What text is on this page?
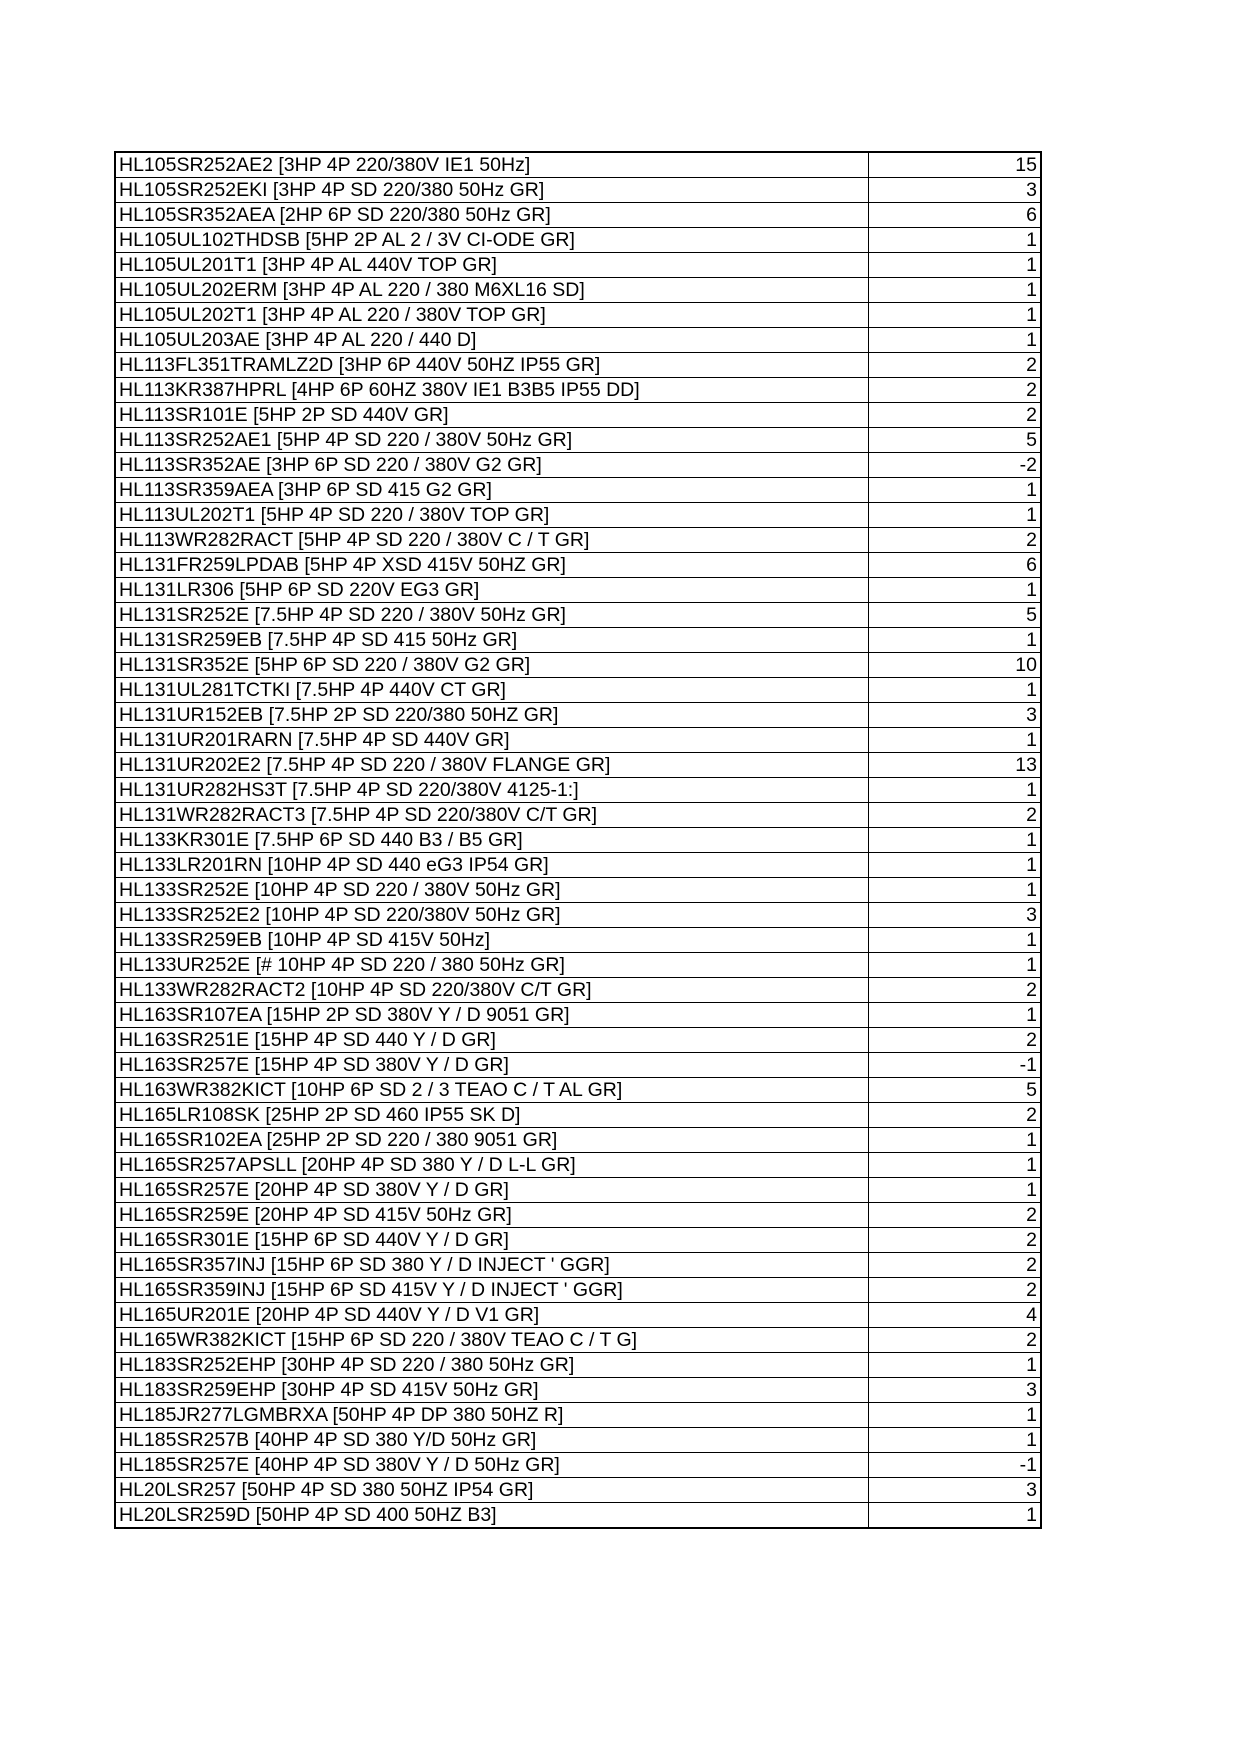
HL105SR252AE2 [3HP 4P 220/380V IE1 50Hz]	15
HL105SR252EKI [3HP 4P SD 220/380 50Hz GR]	3
HL105SR352AEA [2HP 6P SD 220/380 50Hz GR]	6
HL105UL102THDSB [5HP 2P AL 2 / 3V CI-ODE GR]	1
HL105UL201T1 [3HP 4P AL 440V TOP GR]	1
HL105UL202ERM [3HP 4P AL 220 / 380 M6XL16 SD]	1
HL105UL202T1 [3HP 4P AL 220 / 380V TOP GR]	1
HL105UL203AE [3HP 4P AL 220 / 440 D]	1
HL113FL351TRAMLZ2D [3HP 6P 440V 50HZ IP55 GR]	2
HL113KR387HPRL [4HP 6P 60HZ 380V IE1 B3B5 IP55 DD]	2
HL113SR101E [5HP 2P SD 440V GR]	2
HL113SR252AE1 [5HP 4P SD 220 / 380V 50Hz GR]	5
HL113SR352AE [3HP 6P SD 220 / 380V G2 GR]	-2
HL113SR359AEA [3HP 6P SD 415 G2 GR]	1
HL113UL202T1 [5HP 4P SD 220 / 380V TOP GR]	1
HL113WR282RACT [5HP 4P SD 220 / 380V C / T GR]	2
HL131FR259LPDAB [5HP 4P XSD 415V 50HZ GR]	6
HL131LR306 [5HP 6P SD 220V EG3 GR]	1
HL131SR252E [7.5HP 4P SD 220 / 380V 50Hz GR]	5
HL131SR259EB [7.5HP 4P SD 415 50Hz GR]	1
HL131SR352E [5HP 6P SD 220 / 380V G2 GR]	10
HL131UL281TCTKI [7.5HP 4P 440V CT GR]	1
HL131UR152EB [7.5HP 2P SD 220/380 50HZ GR]	3
HL131UR201RARN [7.5HP 4P SD 440V GR]	1
HL131UR202E2 [7.5HP 4P SD 220 / 380V FLANGE GR]	13
HL131UR282HS3T [7.5HP 4P SD 220/380V 4125-1:]	1
HL131WR282RACT3 [7.5HP 4P SD 220/380V C/T GR]	2
HL133KR301E [7.5HP 6P SD 440 B3 / B5 GR]	1
HL133LR201RN [10HP 4P SD 440 eG3 IP54 GR]	1
HL133SR252E [10HP 4P SD 220 / 380V 50Hz GR]	1
HL133SR252E2 [10HP 4P SD 220/380V 50Hz GR]	3
HL133SR259EB [10HP 4P SD 415V 50Hz]	1
HL133UR252E [# 10HP 4P SD 220 / 380 50Hz GR]	1
HL133WR282RACT2 [10HP 4P SD 220/380V C/T GR]	2
HL163SR107EA [15HP 2P SD 380V Y / D 9051 GR]	1
HL163SR251E [15HP 4P SD 440 Y / D GR]	2
HL163SR257E [15HP 4P SD 380V Y / D GR]	-1
HL163WR382KICT [10HP 6P SD 2 / 3 TEAO C / T AL GR]	5
HL165LR108SK [25HP 2P SD 460 IP55 SK D]	2
HL165SR102EA [25HP 2P SD 220 / 380 9051 GR]	1
HL165SR257APSLL [20HP 4P SD 380 Y / D L-L GR]	1
HL165SR257E [20HP 4P SD 380V Y / D GR]	1
HL165SR259E [20HP 4P SD 415V 50Hz GR]	2
HL165SR301E [15HP 6P SD 440V Y / D GR]	2
HL165SR357INJ [15HP 6P SD 380 Y / D INJECT ' GGR]	2
HL165SR359INJ [15HP 6P SD 415V Y / D INJECT ' GGR]	2
HL165UR201E [20HP 4P SD 440V Y / D V1 GR]	4
HL165WR382KICT [15HP 6P SD 220 / 380V TEAO C / T G]	2
HL183SR252EHP [30HP 4P SD 220 / 380 50Hz GR]	1
HL183SR259EHP [30HP 4P SD 415V 50Hz GR]	3
HL185JR277LGMBRXA [50HP 4P DP 380 50HZ R]	1
HL185SR257B [40HP 4P SD 380 Y/D 50Hz GR]	1
HL185SR257E [40HP 4P SD 380V Y / D 50Hz GR]	-1
HL20LSR257 [50HP 4P SD 380 50HZ IP54 GR]	3
HL20LSR259D [50HP 4P SD 400 50HZ B3]	1
